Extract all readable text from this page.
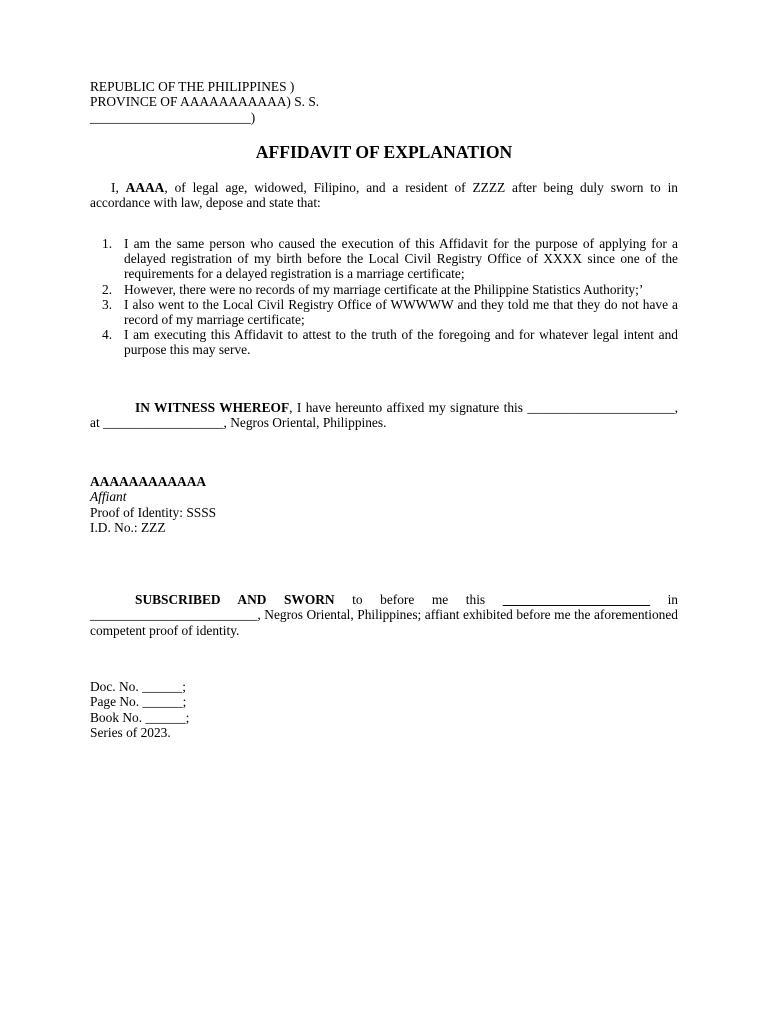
REPUBLIC OF THE PHILIPPINES )
PROVINCE OF AAAAAAAAAAA) S. S.
________________________)
AFFIDAVIT OF EXPLANATION
I, AAAA, of legal age, widowed, Filipino, and a resident of ZZZZ after being duly sworn to in accordance with law, depose and state that:
1. I am the same person who caused the execution of this Affidavit for the purpose of applying for a delayed registration of my birth before the Local Civil Registry Office of XXXX since one of the requirements for a delayed registration is a marriage certificate;
2. However, there were no records of my marriage certificate at the Philippine Statistics Authority;’
3. I also went to the Local Civil Registry Office of WWWWW and they told me that they do not have a record of my marriage certificate;
4. I am executing this Affidavit to attest to the truth of the foregoing and for whatever legal intent and purpose this may serve.
IN WITNESS WHEREOF, I have hereunto affixed my signature this ______________________, at __________________, Negros Oriental, Philippines.
AAAAAAAAAAAA
Affiant
Proof of Identity: SSSS
I.D. No.: ZZZ
SUBSCRIBED AND SWORN to before me this ______________________ in _________________________, Negros Oriental, Philippines; affiant exhibited before me the aforementioned competent proof of identity.
Doc. No. ______;
Page No. ______;
Book No. ______;
Series of 2023.
